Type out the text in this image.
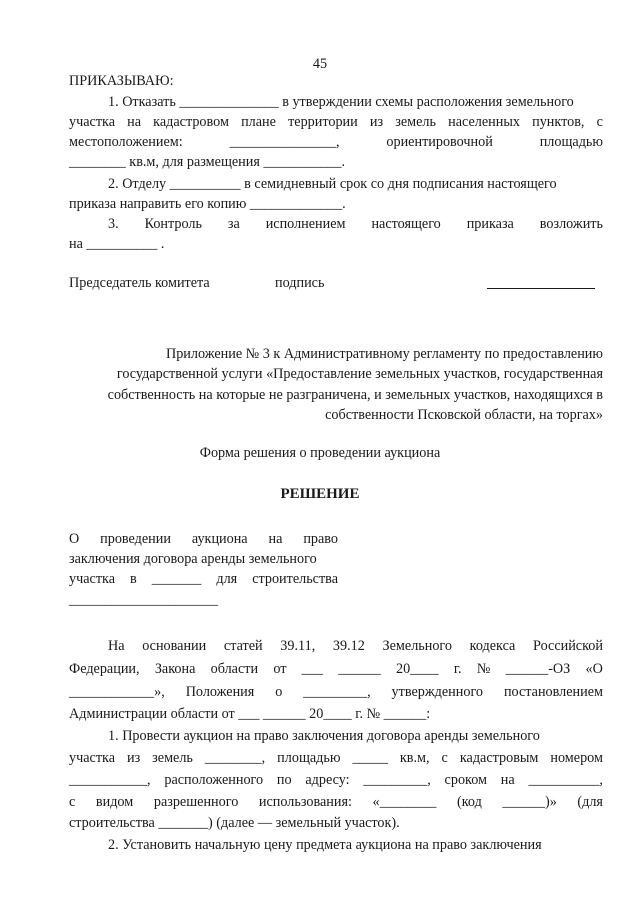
45
ПРИКАЗЫВАЮ:
1. Отказать ______________ в утверждении схемы расположения земельного
участка на кадастровом плане территории из земель населенных пунктов, с
местоположением:	_______________,	ориентировочной	площадью
________ кв.м, для размещения ___________.
2. Отделу __________ в семидневный срок со дня подписания настоящего
приказа направить его копию _____________.
3. Контроль за исполнением настоящего приказа возложить
на __________ .
Председатель комитета	подпись
Приложение № 3 к Административному регламенту по предоставлению
государственной услуги «Предоставление земельных участков, государственная
собственность на которые не разграничена, и земельных участков, находящихся в
собственности Псковской области, на торгах»
Форма решения о проведении аукциона
РЕШЕНИЕ
О проведении аукциона на право
заключения договора аренды земельного
участка в _______ для строительства
_____________________
На основании статей 39.11, 39.12 Земельного кодекса Российской
Федерации, Закона области от ___ ______ 20____ г. № ______-ОЗ «О
____________», Положения о _________, утвержденного постановлением
Администрации области от ___ ______ 20____ г. № ______:
1. Провести аукцион на право заключения договора аренды земельного
участка из земель ________, площадью _____ кв.м, с кадастровым номером
___________, расположенного по адресу: _________, сроком на __________,
с видом разрешенного использования: «________ (код ______)» (для
строительства _______) (далее — земельный участок).
2. Установить начальную цену предмета аукциона на право заключения
